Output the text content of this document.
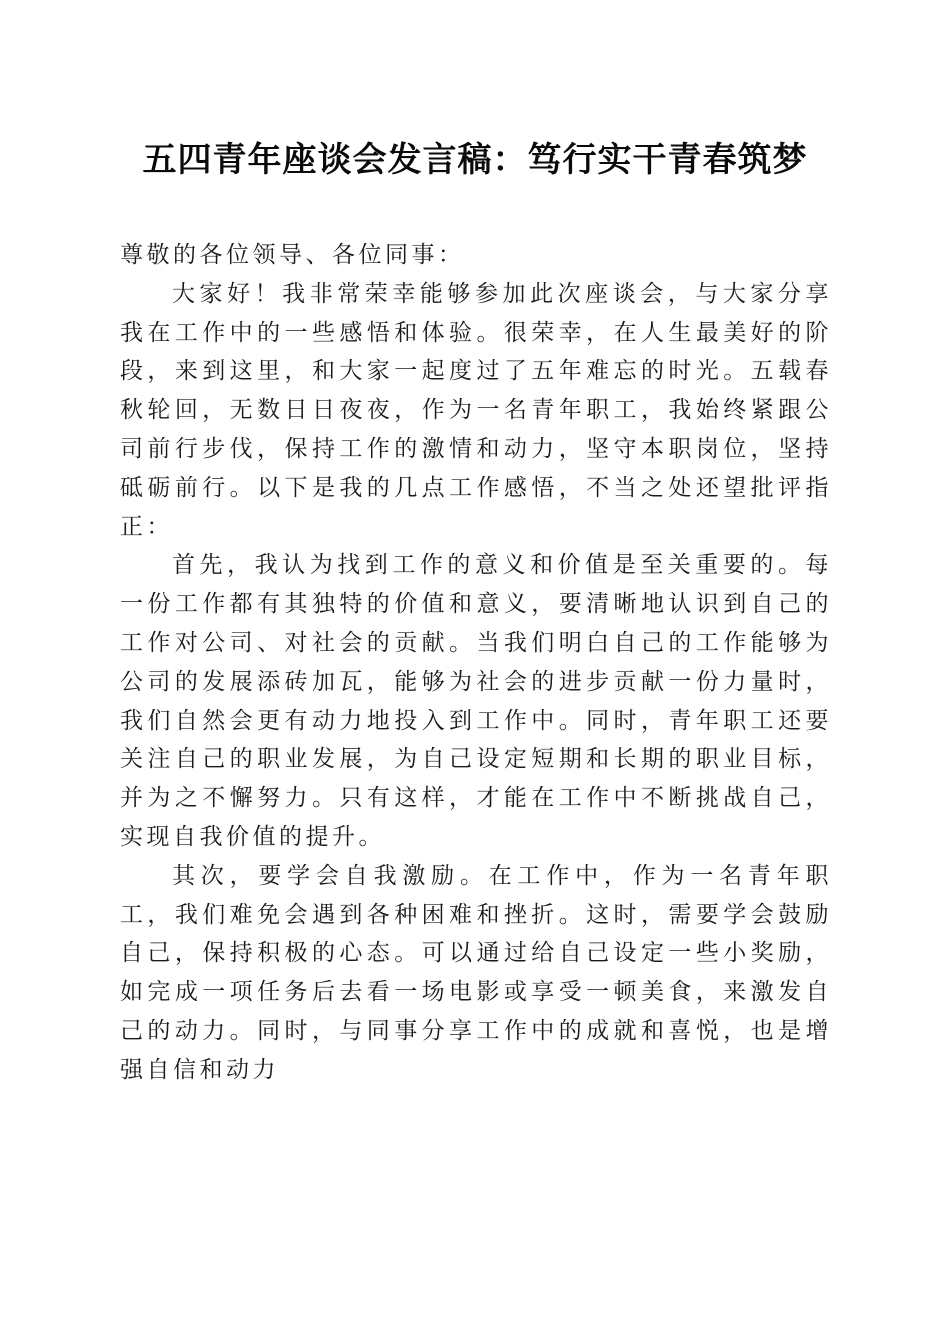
五四青年座谈会发言稿：笃行实干青春筑梦

尊敬的各位领导、各位同事：

大家好！我非常荣幸能够参加此次座谈会，与大家分享我在工作中的一些感悟和体验。很荣幸，在人生最美好的阶段，来到这里，和大家一起度过了五年难忘的时光。五载春秋轮回，无数日日夜夜，作为一名青年职工，我始终紧跟公司前行步伐，保持工作的激情和动力，坚守本职岗位，坚持砥砺前行。以下是我的几点工作感悟，不当之处还望批评指正：

首先，我认为找到工作的意义和价值是至关重要的。每一份工作都有其独特的价值和意义，要清晰地认识到自己的工作对公司、对社会的贡献。当我们明白自己的工作能够为公司的发展添砖加瓦，能够为社会的进步贡献一份力量时，我们自然会更有动力地投入到工作中。同时，青年职工还要关注自己的职业发展，为自己设定短期和长期的职业目标，并为之不懈努力。只有这样，才能在工作中不断挑战自己，实现自我价值的提升。

其次，要学会自我激励。在工作中，作为一名青年职工，我们难免会遇到各种困难和挫折。这时，需要学会鼓励自己，保持积极的心态。可以通过给自己设定一些小奖励，如完成一项任务后去看一场电影或享受一顿美食，来激发自己的动力。同时，与同事分享工作中的成就和喜悦，也是增强自信和动力
